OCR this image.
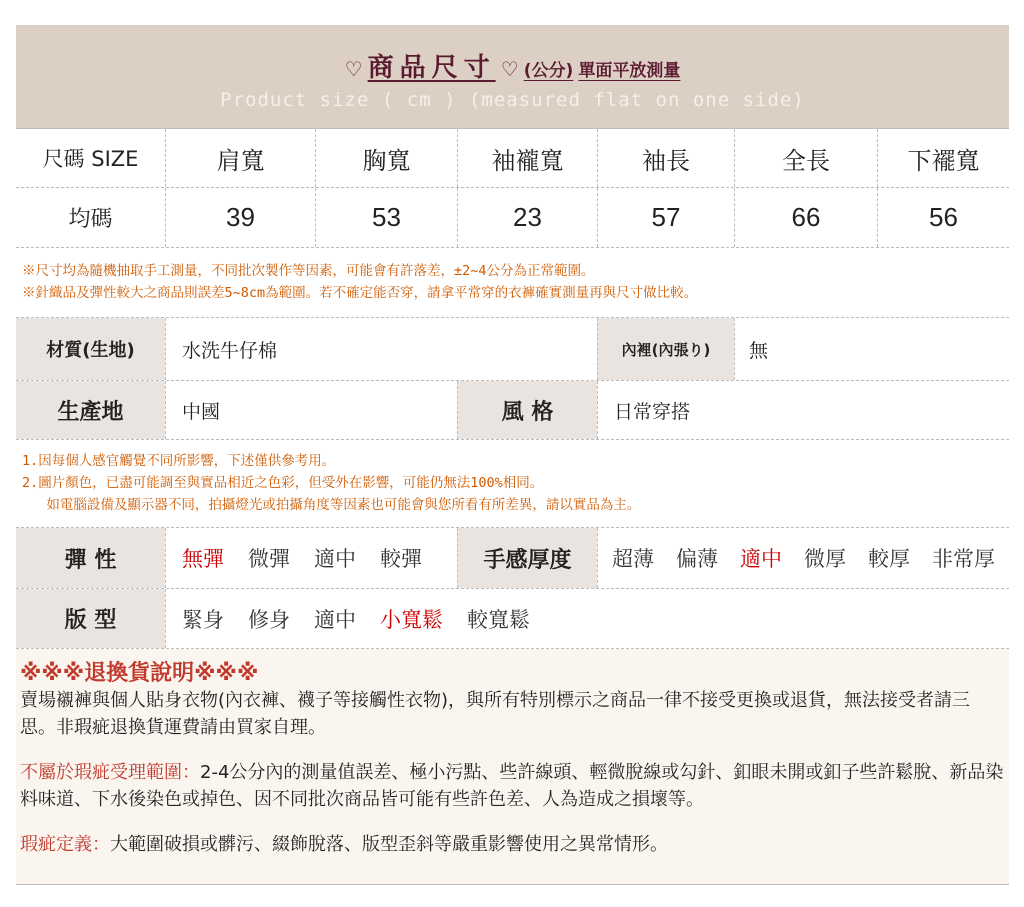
♡ 商品尺寸 ♡ (公分) 單面平放測量
Product size ( cm ) (measured flat on one side)
尺碼 SIZE	肩寬	胸寬	袖襱寬	袖長	全長	下襬寬
均碼	39	53	23	57	66	56
※尺寸均為隨機抽取手工測量，不同批次製作等因素，可能會有許落差，±2~4公分為正常範圍。
※針織品及彈性較大之商品則誤差5~8cm為範圍。若不確定能否穿，請拿平常穿的衣褲確實測量再與尺寸做比較。
材質(生地)	水洗牛仔棉	內裡(內張り)	無
生產地	中國	風 格	日常穿搭
1.因每個人感官觸覺不同所影響，下述僅供參考用。
2.圖片顏色，已盡可能調至與實品相近之色彩，但受外在影響，可能仍無法100%相同。
如電腦設備及顯示器不同，拍攝燈光或拍攝角度等因素也可能會與您所看有所差異，請以實品為主。
彈 性	無彈 微彈 適中 較彈	手感厚度	超薄 偏薄 適中 微厚 較厚 非常厚
版 型	緊身 修身 適中 小寬鬆 較寬鬆
※※※退換貨說明※※※
賣場襯褲與個人貼身衣物(內衣褲、襪子等接觸性衣物)，與所有特別標示之商品一律不接受更換或退貨，無法接受者請三思。非瑕疵退換貨運費請由買家自理。
不屬於瑕疵受理範圍：2-4公分內的測量值誤差、極小污點、些許線頭、輕微脫線或勾針、釦眼未開或釦子些許鬆脫、新品染料味道、下水後染色或掉色、因不同批次商品皆可能有些許色差、人為造成之損壞等。
瑕疵定義：大範圍破損或髒污、綴飾脫落、版型歪斜等嚴重影響使用之異常情形。
